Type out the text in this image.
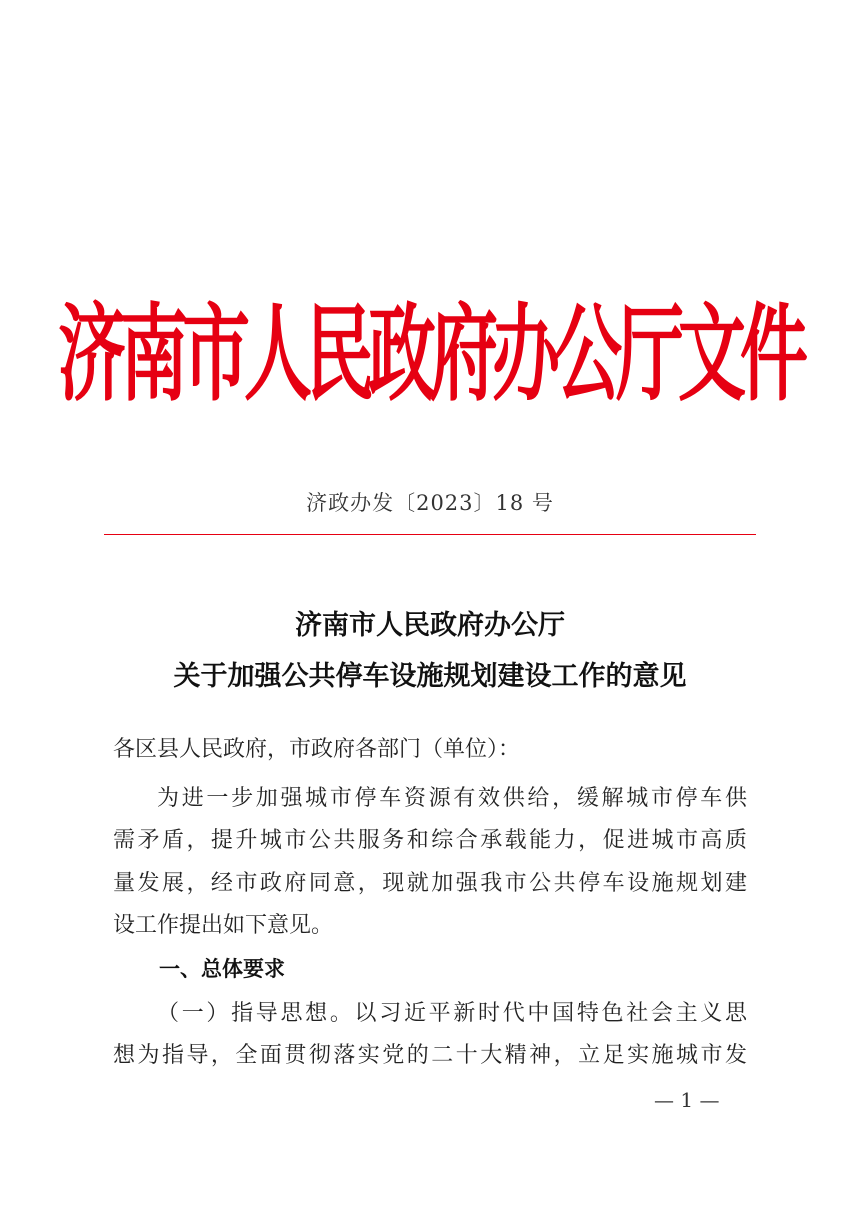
济南市人民政府办公厅文件
济政办发〔2023〕18 号
济南市人民政府办公厅
关于加强公共停车设施规划建设工作的意见
各区县人民政府，市政府各部门（单位）：
为进一步加强城市停车资源有效供给，缓解城市停车供
需矛盾，提升城市公共服务和综合承载能力，促进城市高质
量发展，经市政府同意，现就加强我市公共停车设施规划建
设工作提出如下意见。
一、总体要求
（一）指导思想。以习近平新时代中国特色社会主义思
想为指导，全面贯彻落实党的二十大精神，立足实施城市发
— 1 —
